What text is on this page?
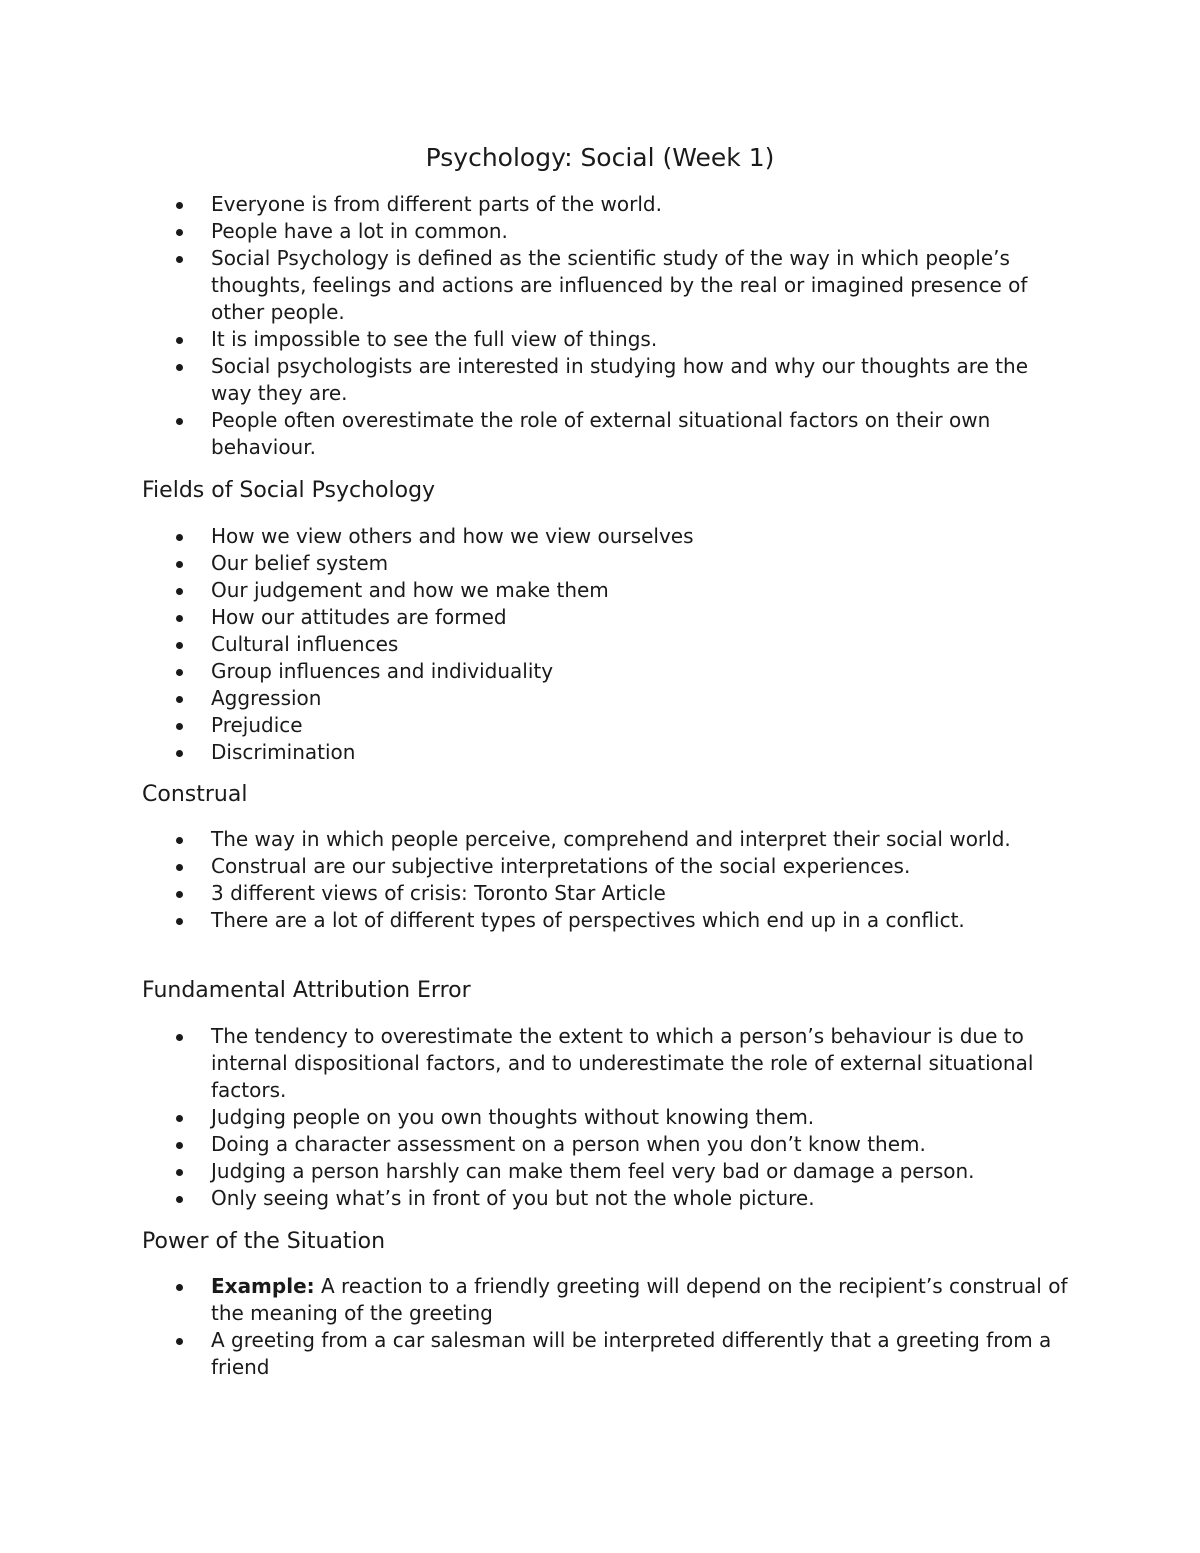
Psychology: Social (Week 1)
Everyone is from different parts of the world.
People have a lot in common.
Social Psychology is defined as the scientific study of the way in which people’s thoughts, feelings and actions are influenced by the real or imagined presence of other people.
It is impossible to see the full view of things.
Social psychologists are interested in studying how and why our thoughts are the way they are.
People often overestimate the role of external situational factors on their own behaviour.
Fields of Social Psychology
How we view others and how we view ourselves
Our belief system
Our judgement and how we make them
How our attitudes are formed
Cultural influences
Group influences and individuality
Aggression
Prejudice
Discrimination
Construal
The way in which people perceive, comprehend and interpret their social world.
Construal are our subjective interpretations of the social experiences.
3 different views of crisis: Toronto Star Article
There are a lot of different types of perspectives which end up in a conflict.
Fundamental Attribution Error
The tendency to overestimate the extent to which a person’s behaviour is due to internal dispositional factors, and to underestimate the role of external situational factors.
Judging people on you own thoughts without knowing them.
Doing a character assessment on a person when you don’t know them.
Judging a person harshly can make them feel very bad or damage a person.
Only seeing what’s in front of you but not the whole picture.
Power of the Situation
Example: A reaction to a friendly greeting will depend on the recipient’s construal of the meaning of the greeting
A greeting from a car salesman will be interpreted differently that a greeting from a friend
